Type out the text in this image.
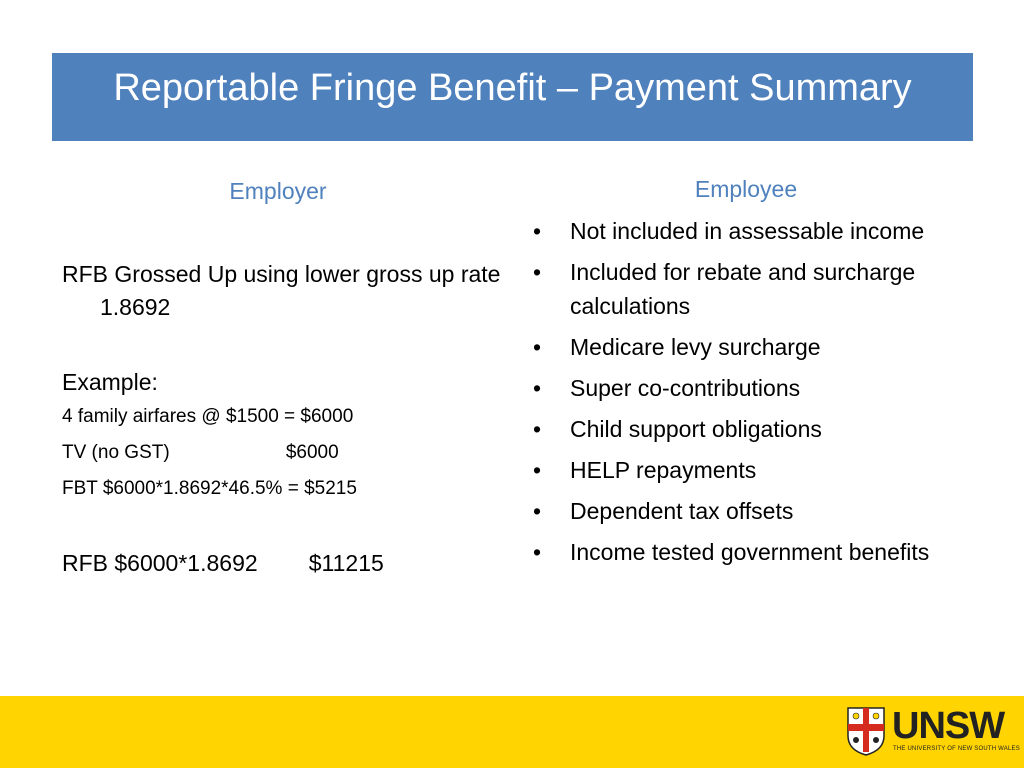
Reportable Fringe Benefit – Payment Summary
Employer	Employee

RFB Grossed Up using lower gross up rate 1.8692

Example:

4 family airfares @ $1500 = $6000

TV (no GST)                      $6000

FBT $6000*1.8692*46.5% = $5215

RFB $6000*1.8692        $11215

• Not included in assessable income
• Included for rebate and surcharge calculations
• Medicare levy surcharge
• Super co-contributions
• Child support obligations
• HELP repayments
• Dependent tax offsets
• Income tested government benefits
UNSW
THE UNIVERSITY OF NEW SOUTH WALES
